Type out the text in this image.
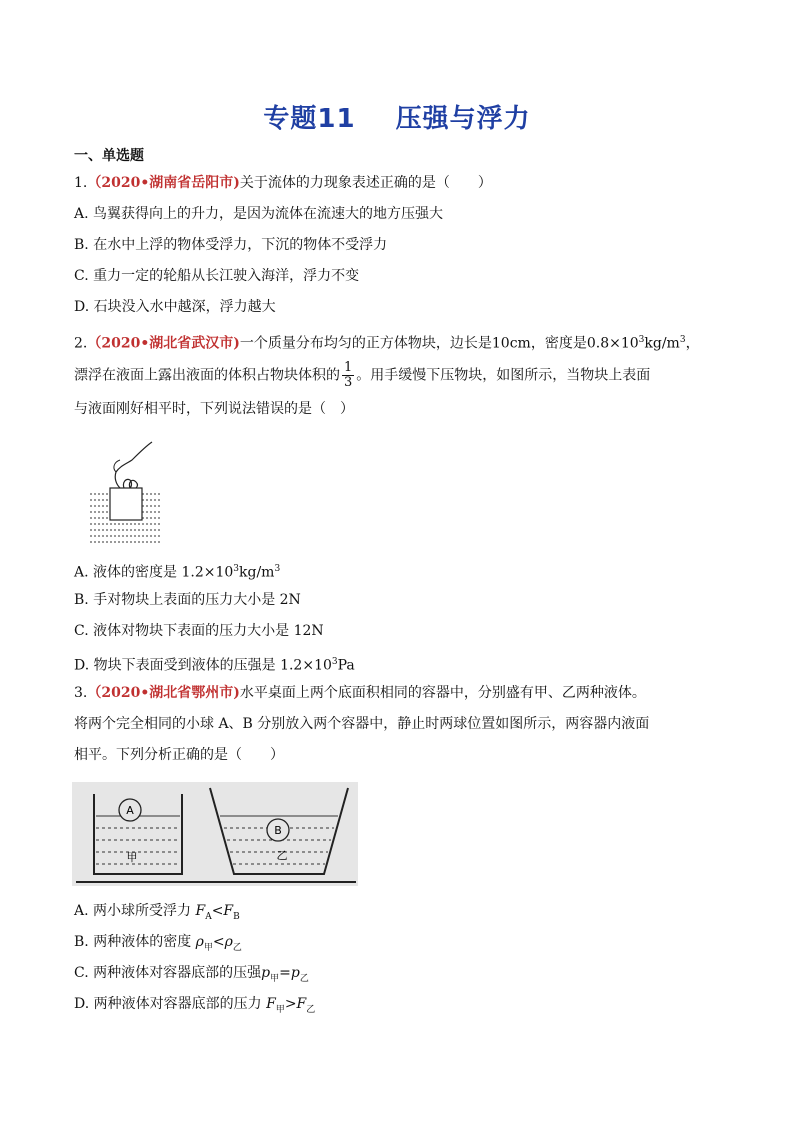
专题11 压强与浮力
一、单选题
1.（2020•湖南省岳阳市)关于流体的力现象表述正确的是（　　）
A. 鸟翼获得向上的升力，是因为流体在流速大的地方压强大
B. 在水中上浮的物体受浮力，下沉的物体不受浮力
C. 重力一定的轮船从长江驶入海洋，浮力不变
D. 石块没入水中越深，浮力越大
2.（2020•湖北省武汉市)一个质量分布均匀的正方体物块，边长是10cm，密度是$0.8\times 10^3kg/m^3$，
漂浮在液面上露出液面的体积占物块体积的 $\frac{1}{3}$ 。用手缓慢下压物块，如图所示，当物块上表面
与液面刚好相平时，下列说法错误的是（　）
A. 液体的密度是 $1.2\times 10^3kg/m^3$
B. 手对物块上表面的压力大小是 2N
C. 液体对物块下表面的压力大小是 12N
D. 物块下表面受到液体的压强是 $1.2\times 10^3Pa$
3.（2020•湖北省鄂州市)水平桌面上两个底面积相同的容器中，分别盛有甲、乙两种液体。
将两个完全相同的小球 A、B 分别放入两个容器中，静止时两球位置如图所示，两容器内液面
相平。下列分析正确的是（　　）
A
甲
B
乙
A. 两小球所受浮力 $F_A<F_B$
B. 两种液体的密度 $\rho_甲<\rho_乙$
C. 两种液体对容器底部的压强$p_甲=p_乙$
D. 两种液体对容器底部的压力 $F_甲>F_乙$
